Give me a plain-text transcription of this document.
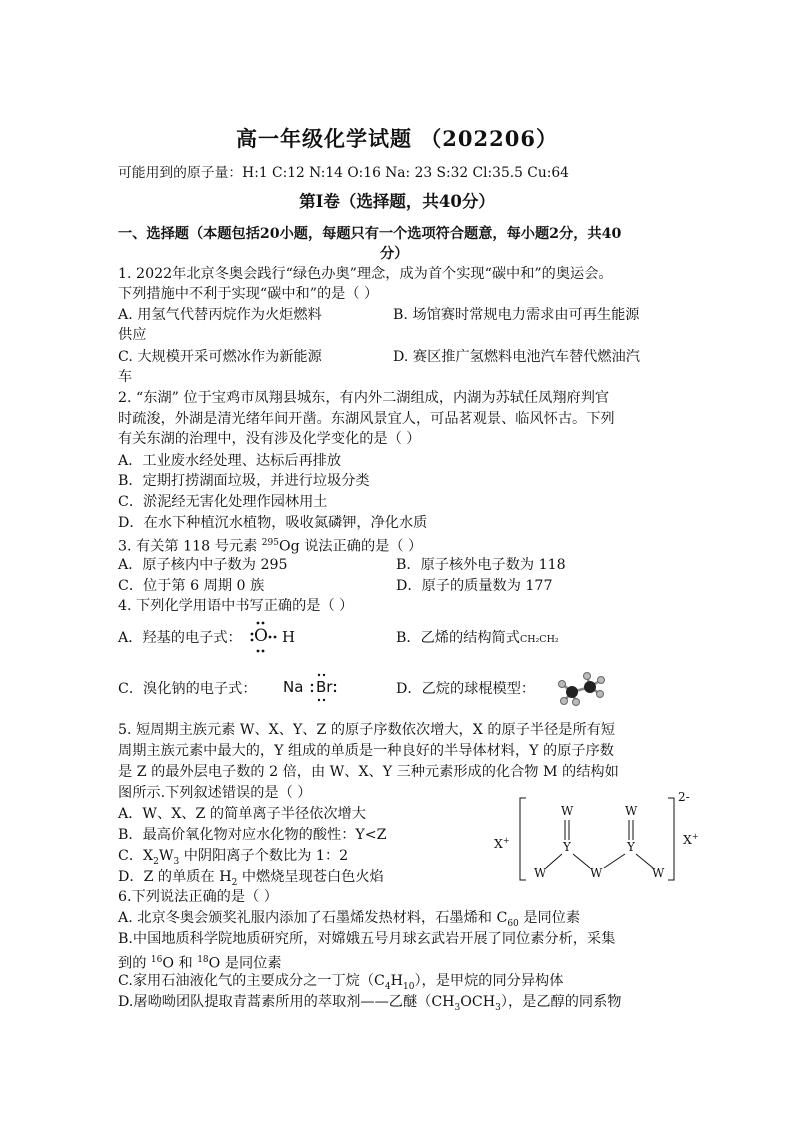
高一年级化学试题 （202206）
可能用到的原子量：H:1 C:12 N:14 O:16 Na: 23 S:32 Cl:35.5 Cu:64
第Ⅰ卷（选择题，共40分）
一、选择题（本题包括20小题，每题只有一个选项符合题意，每小题2分，共40
分）
1. 2022年北京冬奥会践行“绿色办奥”理念，成为首个实现“碳中和”的奥运会。
下列措施中不利于实现“碳中和”的是（ ）
A. 用氢气代替丙烷作为火炬燃料	B. 场馆赛时常规电力需求由可再生能源
供应
C. 大规模开采可燃冰作为新能源	D. 赛区推广氢燃料电池汽车替代燃油汽
车
2. “东湖” 位于宝鸡市凤翔县城东，有内外二湖组成，内湖为苏轼任凤翔府判官
时疏浚，外湖是清光绪年间开凿。东湖风景宜人，可品茗观景、临风怀古。下列
有关东湖的治理中，没有涉及化学变化的是（ ）
A．工业废水经处理、达标后再排放
B．定期打捞湖面垃圾，并进行垃圾分类
C．淤泥经无害化处理作园林用土
D．在水下种植沉水植物，吸收氮磷钾，净化水质
3. 有关第 118 号元素 $^{295}$Og 说法正确的是（ ）
A．原子核内中子数为 295	B．原子核外电子数为 118
C．位于第 6 周期 0 族	D．原子的质量数为 177
4. 下列化学用语中书写正确的是（ ）
A．羟基的电子式： O H	B．乙烯的结构简式CH₂CH₂
C．溴化钠的电子式： Na Br	D．乙烷的球棍模型：
5. 短周期主族元素 W、X、Y、Z 的原子序数依次增大，X 的原子半径是所有短
周期主族元素中最大的，Y 组成的单质是一种良好的半导体材料，Y 的原子序数
是 Z 的最外层电子数的 2 倍，由 W、X、Y 三种元素形成的化合物 M 的结构如
图所示.下列叙述错误的是（ ）
A．W、X、Z 的简单离子半径依次增大
B．最高价氧化物对应水化物的酸性：Y<Z
C．$X_2W_3$ 中阴阳离子个数比为 1：2
D．Z 的单质在 $H_2$ 中燃烧呈现苍白色火焰
X+	X+
2-
W	W
Y	Y
W	W	W
6.下列说法正确的是（ ）
A. 北京冬奥会颁奖礼服内添加了石墨烯发热材料，石墨烯和 $C_{60}$ 是同位素
B.中国地质科学院地质研究所，对嫦娥五号月球玄武岩开展了同位素分析，采集
到的 $^{16}$O 和 $^{18}$O 是同位素
C.家用石油液化气的主要成分之一丁烷$(C_4H_{10})$，是甲烷的同分异构体
D.屠呦呦团队提取青蒿素所用的萃取剂——乙醚$(CH_3OCH_3)$，是乙醇的同系物
